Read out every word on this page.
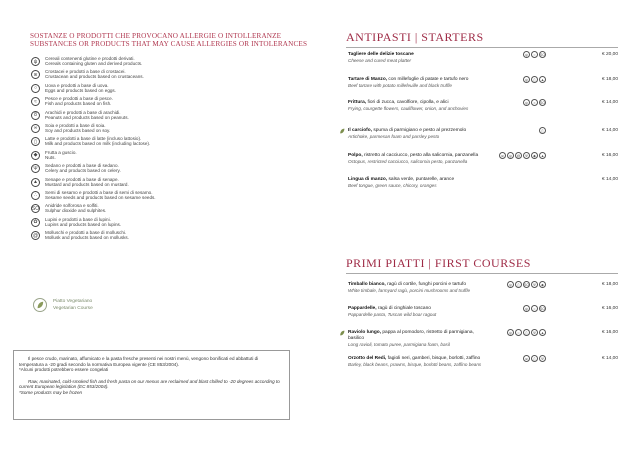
SOSTANZE O PRODOTTI CHE PROVOCANO ALLERGIE O INTOLLERANZE
SUBSTANCES OR PRODUCTS THAT MAY CAUSE ALLERGIES OR INTOLERANCES
ψ	Cereali contenenti glutine e prodotti derivati.
Cereals containing gluten and derived products.
ж	Crostacei e prodotti a base di crostacei.
Crustacean and products based on crustaceans.
○	Uova e prodotti a base di uova.
Eggs and products based on eggs.
≈	Pesce e prodotti a base di pesce.
Fish and products based on fish.
8	Arachidi e prodotti a base di arachidi.
Peanuts and products based on peanuts.
∞	Soia e prodotti a base di soia.
Soy and products based on soy.
▯	Latte e prodotti a base di latte (incluso lattosio).
Milk and products based on milk (including lactose).
◆	Frutta a guscio.
Nuts.
Ψ	Sedano e prodotti a base di sedano.
Celery and products based on celery.
▲	Senape e prodotti a base di senape.
Mustard and products based on mustard.
∴	Semi di sesamo e prodotti a base di semi di sesamo.
Sesame seeds and products based on sesame seeds.
SO Anidride solforosa e solfiti.
Sulphur dioxide and sulphites.
✿	Lupini e prodotti a base di lupini.
Lupins and products based on lupins.
@	Molluschi e prodotti a base di molluschi.
Mollusk and products based on mollusks.
Piatto Vegetariano
Vegetarian Course

Il pesce crudo, marinato, affumicato e la pasta fresche presenti nei nostri menù, vengono bonificati ed abbattuti di temperatura a -20 gradi secondo la normativa Europea vigente (CE 853/2004).
*Alcuni prodotti potrebbero essere congelati

Raw, marinated, cold-smoked fish and fresh pasta on our menus are reclaimed and blast chilled to -20 degrees according to current European legislation (EC 853/2004).
*Some products may be frozen

ANTIPASTI | STARTERS
Tagliere delle delizie toscane
Cheese and cured meat platter
ψ	○	SO	€ 20,00
Tartare di Manzo, con millefoglie di patate e tartufo nero
Beef tartare with potato millefeuille and black truffle
ψ	▯	▲	€ 18,00
Frittura, fiori di zucca, cavolfiore, cipolla, e alici
Frying, courgette flowers, cauliflower, onion, and anchovies
ψ	≈	SO	€ 14,00
Il carciofo, spuma di parmigiano e pesto al prezzemolo
Artichoke, parmesan foam and parsley pesto
▯	€ 14,00
Polpo, ristretto al cacciucco, pesto alla salicornia, panzanella
Octopus, restricted cacciucco, salicornia pesto, panzanella
ж	ψ	@	Ψ	◆	▲	€ 16,00
Lingua di manzo, salsa verde, puntarelle, arance
Beef tongue, green sauce, chicory, oranges
€ 14,00
PRIMI PIATTI | FIRST COURSES
Timballo bianco, ragù di cortile, funghi porcini e tartufo
White timbale, farmyard ragù, porcini mushrooms and truffle
ψ	▯	SO	Ψ	◆	€ 18,00
Pappardelle, ragù di cinghiale toscano
Pappardelle pasta, Tuscan wild boar ragout
ψ	○	SO	€ 16,00
Raviolo lungo, pappa al pomodoro, ristretto di parmigiana, basilico
Long ravioli, tomato puree, parmigiana foam, basil
ψ	○	▯	Ψ	▲	€ 16,00
Orzotto del Redi, fagioli neri, gamberi, bisque, borlotti, zaffino
Barley, black beans, prawns, bisque, borlotti beans, zaffino beans
ж	▯	Ψ	€ 14,00
